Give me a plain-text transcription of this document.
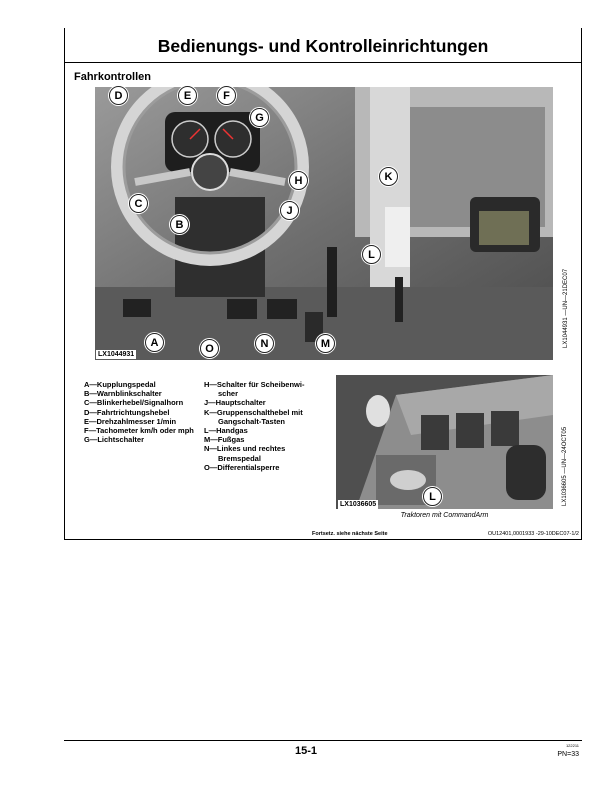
Bedienungs- und Kontrolleinrichtungen
Fahrkontrollen
D	E	F
G
H
J
K
C
B
L
A	O	N	M
LX1044931
LX1044931 —UN—21DEC07
L
LX1036605	LX1036605 —UN—24OCT05
Traktoren mit CommandArm
A—Kupplungspedal
B—Warnblinkschalter
C—Blinkerhebel/Signalhorn
D—Fahrtrichtungshebel
E—Drehzahlmesser 1/min
F—Tachometer km/h oder mph
G—Lichtschalter
H—Schalter für Scheibenwi-
scher
J—Hauptschalter
K—Gruppenschalthebel mit
Gangschalt-Tasten
L—Handgas
M—Fußgas
N—Linkes und rechtes
Bremspedal
O—Differentialsperre
Fortsetz. siehe nächste Seite	OU12401,0001933 -29-10DEC07-1/2
15-1	122211
PN=33
